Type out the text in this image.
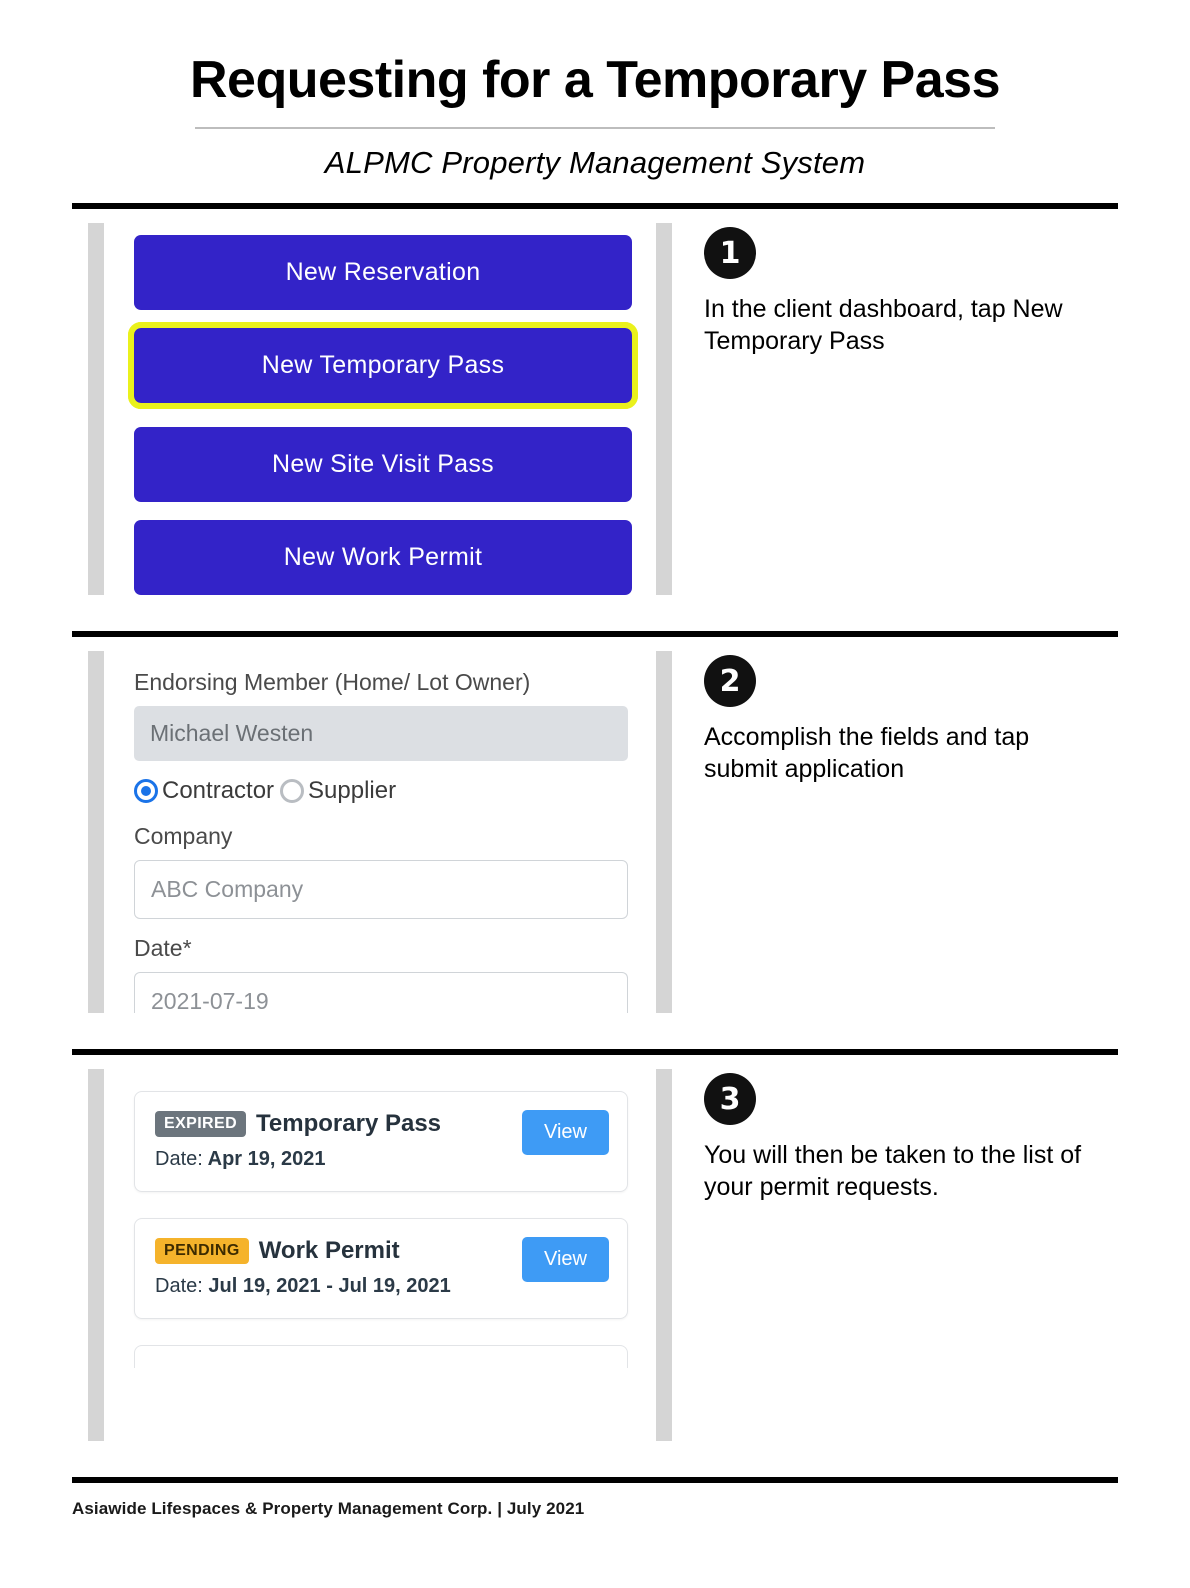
Requesting for a Temporary Pass
ALPMC Property Management System
New Reservation
New Temporary Pass
New Site Visit Pass
New Work Permit
1
In the client dashboard, tap New Temporary Pass
Endorsing Member (Home/ Lot Owner)
Michael Westen
Contractor Supplier
Company
ABC Company
Date*
2021-07-19
2
Accomplish the fields and tap submit application
EXPIRED Temporary Pass
Date: Apr 19, 2021
View
PENDING Work Permit
Date: Jul 19, 2021 - Jul 19, 2021
View
3
You will then be taken to the list of your permit requests.
Asiawide Lifespaces & Property Management Corp. | July 2021
